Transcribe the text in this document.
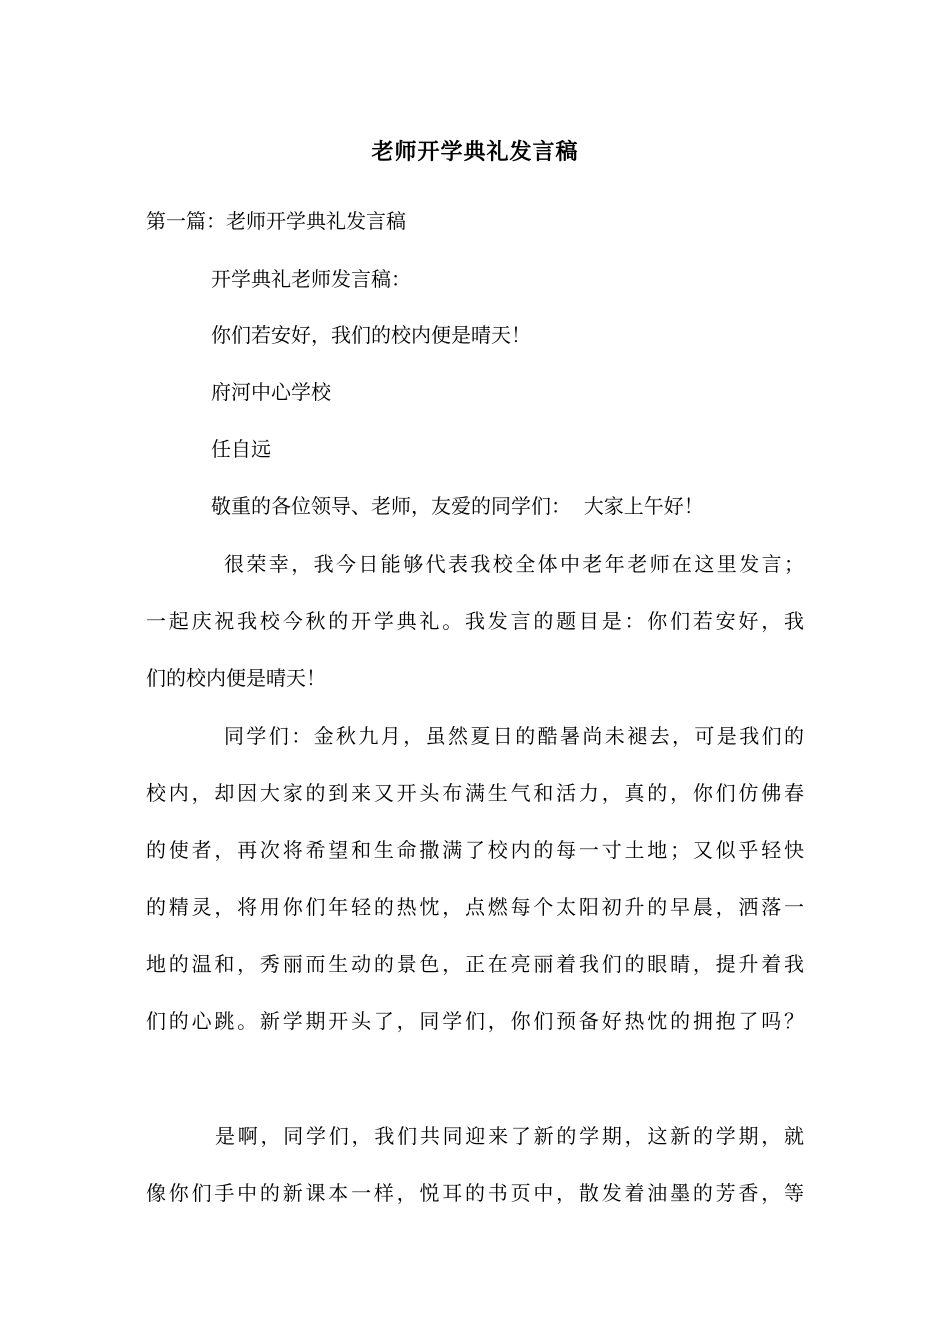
老师开学典礼发言稿
第一篇：老师开学典礼发言稿
开学典礼老师发言稿：
你们若安好，我们的校内便是晴天！
府河中心学校
任自远
敬重的各位领导、老师，友爱的同学们：  大家上午好！
很荣幸，我今日能够代表我校全体中老年老师在这里发言；
一起庆祝我校今秋的开学典礼。我发言的题目是：你们若安好，我
们的校内便是晴天！
同学们：金秋九月，虽然夏日的酷暑尚未褪去，可是我们的
校内，却因大家的到来又开头布满生气和活力，真的，你们仿佛春
的使者，再次将希望和生命撒满了校内的每一寸土地；又似乎轻快
的精灵，将用你们年轻的热忱，点燃每个太阳初升的早晨，洒落一
地的温和，秀丽而生动的景色，正在亮丽着我们的眼睛，提升着我
们的心跳。新学期开头了，同学们，你们预备好热忱的拥抱了吗？
是啊，同学们，我们共同迎来了新的学期，这新的学期，就
像你们手中的新课本一样，悦耳的书页中，散发着油墨的芳香，等
